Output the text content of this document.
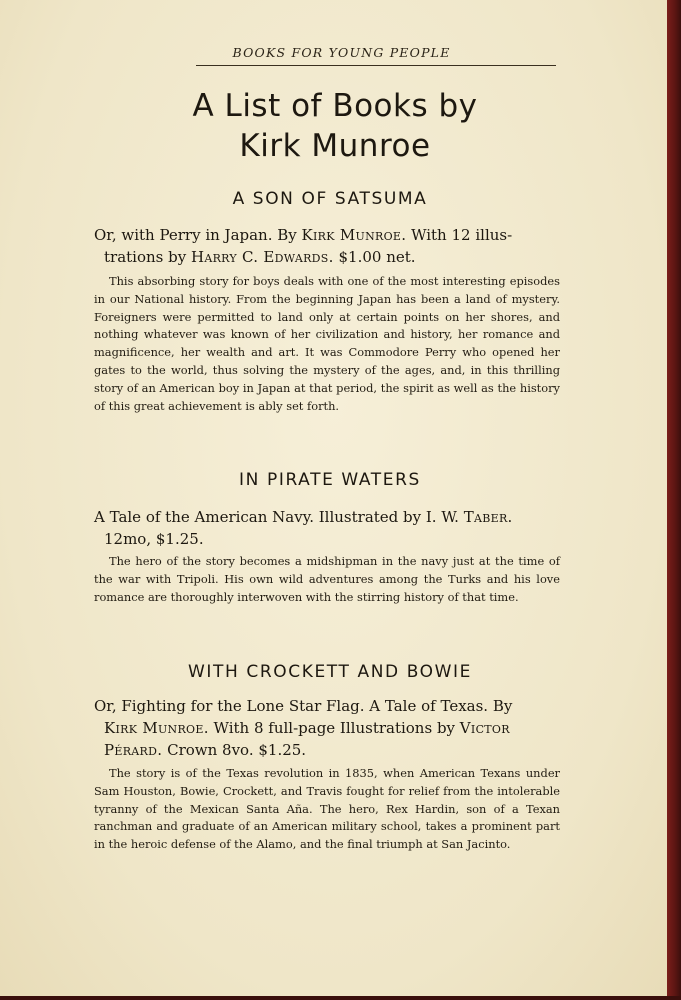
BOOKS FOR YOUNG PEOPLE
A List of Books by
Kirk Munroe
A SON OF SATSUMA
Or, with Perry in Japan. By Kirk Munroe. With 12 illus-
trations by Harry C. Edwards. $1.00 net.
This absorbing story for boys deals with one of the most interesting episodes in our National history. From the beginning Japan has been a land of mystery. Foreigners were permitted to land only at certain points on her shores, and nothing whatever was known of her civilization and history, her romance and magnificence, her wealth and art. It was Commodore Perry who opened her gates to the world, thus solving the mystery of the ages, and, in this thrilling story of an American boy in Japan at that period, the spirit as well as the history of this great achievement is ably set forth.
IN PIRATE WATERS
A Tale of the American Navy. Illustrated by I. W. Taber.
12mo, $1.25.
The hero of the story becomes a midshipman in the navy just at the time of the war with Tripoli. His own wild adventures among the Turks and his love romance are thoroughly interwoven with the stirring history of that time.
WITH CROCKETT AND BOWIE
Or, Fighting for the Lone Star Flag. A Tale of Texas. By
Kirk Munroe. With 8 full-page Illustrations by Victor
Pérard. Crown 8vo. $1.25.
The story is of the Texas revolution in 1835, when American Texans under Sam Houston, Bowie, Crockett, and Travis fought for relief from the intolerable tyranny of the Mexican Santa Aña. The hero, Rex Hardin, son of a Texan ranchman and graduate of an American military school, takes a prominent part in the heroic defense of the Alamo, and the final triumph at San Jacinto.
